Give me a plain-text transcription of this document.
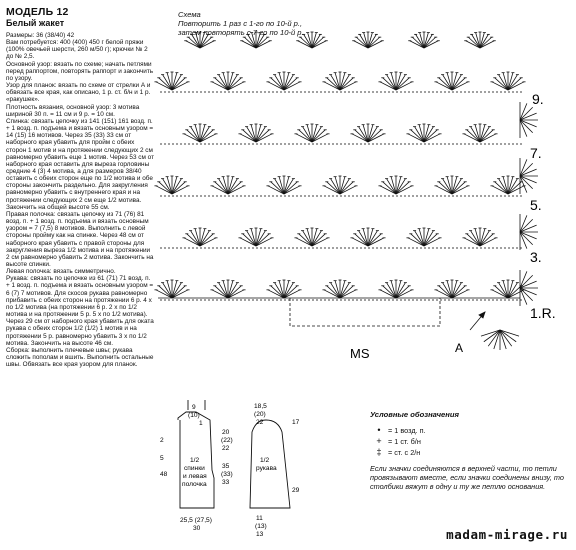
МОДЕЛЬ 12
Белый жакет

Размеры: 36 (38/40) 42

Вам потребуется: 400 (400) 450 г белой пряжи (100% овечьей шерсти, 260 м/50 г); крючки № 2 до № 2,5.

Основной узор: вязать по схеме; начать петлями перед раппортом, повторять раппорт и закончить по узору.

Узор для планок: вязать по схеме от стрелки А и обвязать все края, как описано, 1 р. ст. б/н и 1 р. «ракушек».

Плотность вязания, основной узор: 3 мотива шириной 30 п. = 11 см и 9 р. = 10 см.

Спинка: связать цепочку из 141 (151) 161 возд. п. + 1 возд. п. подъема и вязать основным узором = 14 (15) 16 мотивов. Через 35 (33) 33 см от наборного края убавить для пройм с обеих сторон 1 мотив и на протяжении следующих 2 см равномерно убавить еще 1 мотив. Через 53 см от наборного края оставить для выреза горловины средние 4 (3) 4 мотива, а для размеров 38/40 оставить с обеих сторон еще по 1/2 мотива и обе стороны закончить раздельно. Для закругления равномерно убавить с внутреннего края и на протяжении следующих 2 см еще 1/2 мотива. Закончить на общей высоте 55 см.

Правая полочка: связать цепочку из 71 (76) 81 возд. п. + 1 возд. п. подъема и вязать основным узором = 7 (7,5) 8 мотивов. Выполнить с левой стороны пройму как на спинке. Через 48 см от наборного края убавить с правой стороны для закругления выреза 1/2 мотива и на протяжении 2 см равномерно убавить 2 мотива. Закончить на высоте спинки.

Левая полочка: вязать симметрично.

Рукава: связать по цепочке из 61 (71) 71 возд. п. + 1 возд. п. подъема и вязать основным узором = 6 (7) 7 мотивов. Для скосов рукава равномерно прибавить с обеих сторон на протяжении 6 р. 4 x по 1/2 мотива (на протяжении 6 р. 2 x по 1/2 мотива и на протяжении 5 р. 5 x по 1/2 мотива). Через 29 см от наборного края убавить для оката рукава с обеих сторон 1/2 (1/2) 1 мотив и на протяжении 5 р. равномерно убавить 3 x по 1/2 мотива. Закончить на высоте 46 см.

Сборка: выполнить плечевые швы; рукава сложить пополам и вшить. Выполнить остальные швы. Обвязать все края узором для планок.

Схема
Повторить 1 раз с 1-го по 10-й р.,
затем повторять с 7-го по 10-й р.
MS	A
9.
7.
5.
3.
1.R.
9
(10)
1
2
5
48
20
(22)
22
35
(33)
33
1/2
спинки
и левая
полочка
25,5 (27,5)
30
18,5
(20)
22
1/2
рукава
17
29
11
(13)
13
Условные обозначения
•	= 1 возд. п.
+ = 1 ст. б/н
‡ = ст. с 2/н
Если значки соединяются в верхней части, то петли провязывают вместе, если значки соединены внизу, то столбики вяжут в одну и ту же петлю основания.
madam-mirage.ru
